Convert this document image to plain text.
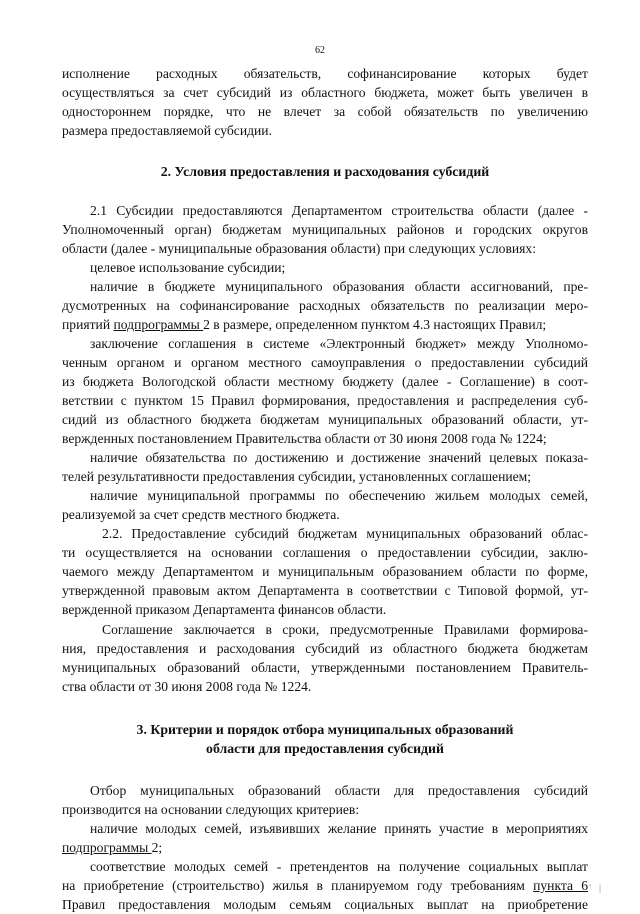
62

исполнение расходных обязательств, софинансирование которых будет

осуществляться за счет субсидий из областного бюджета, может быть увеличен в

одностороннем порядке, что не влечет за собой обязательств по увеличению

размера предоставляемой субсидии.

2. Условия предоставления и расходования субсидий

2.1 Субсидии предоставляются Департаментом строительства области (далее -

Уполномоченный орган) бюджетам муниципальных районов и городских округов

области (далее - муниципальные образования области) при следующих условиях:

целевое использование субсидии;

наличие в бюджете муниципального образования области ассигнований, пре-

дусмотренных на софинансирование расходных обязательств по реализации меро-

приятий подпрограммы 2 в размере, определенном пунктом 4.3 настоящих Правил;

заключение соглашения в системе «Электронный бюджет» между Уполномо-

ченным органом и органом местного самоуправления о предоставлении субсидий

из бюджета Вологодской области местному бюджету (далее - Соглашение) в соот-

ветствии с пунктом 15 Правил формирования, предоставления и распределения суб-

сидий из областного бюджета бюджетам муниципальных образований области, ут-

вержденных постановлением Правительства области от 30 июня 2008 года № 1224;

наличие обязательства по достижению и достижение значений целевых показа-

телей результативности предоставления субсидии, установленных соглашением;

наличие муниципальной программы по обеспечению жильем молодых семей,

реализуемой за счет средств местного бюджета.

2.2. Предоставление субсидий бюджетам муниципальных образований облас-

ти осуществляется на основании соглашения о предоставлении субсидии, заклю-

чаемого между Департаментом и муниципальным образованием области по форме,

утвержденной правовым актом Департамента в соответствии с Типовой формой, ут-

вержденной приказом Департамента финансов области.

Соглашение заключается в сроки, предусмотренные Правилами формирова-

ния, предоставления и расходования субсидий из областного бюджета бюджетам

муниципальных образований области, утвержденными постановлением Правитель-

ства области от 30 июня 2008 года № 1224.

3. Критерии и порядок отбора муниципальных образований
области для предоставления субсидий

Отбор муниципальных образований области для предоставления субсидий

производится на основании следующих критериев:

наличие молодых семей, изъявивших желание принять участие в мероприятиях

подпрограммы 2;

соответствие молодых семей - претендентов на получение социальных выплат

на приобретение (строительство) жилья в планируемом году требованиям пункта 6

Правил предоставления молодым семьям социальных выплат на приобретение

' |
